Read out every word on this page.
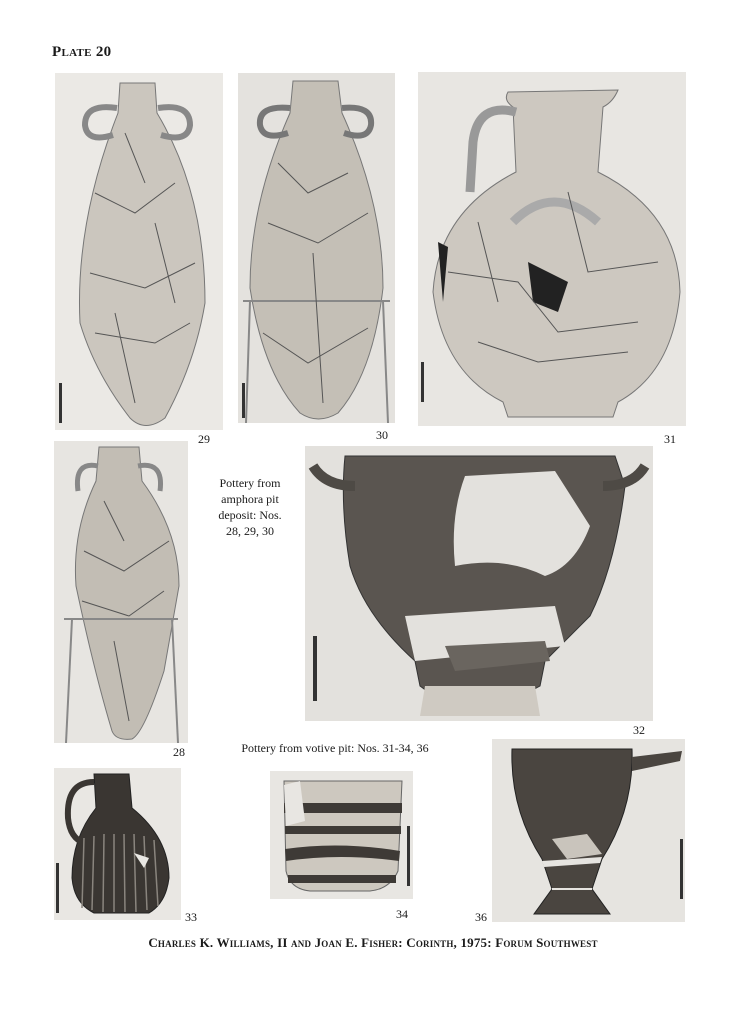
Plate 20
29	30	31
28
Pottery from
amphora pit
deposit: Nos.
28, 29, 30
32
Pottery from votive pit: Nos. 31-34, 36
33	34	36
Charles K. Williams, II and Joan E. Fisher: Corinth, 1975: Forum Southwest
